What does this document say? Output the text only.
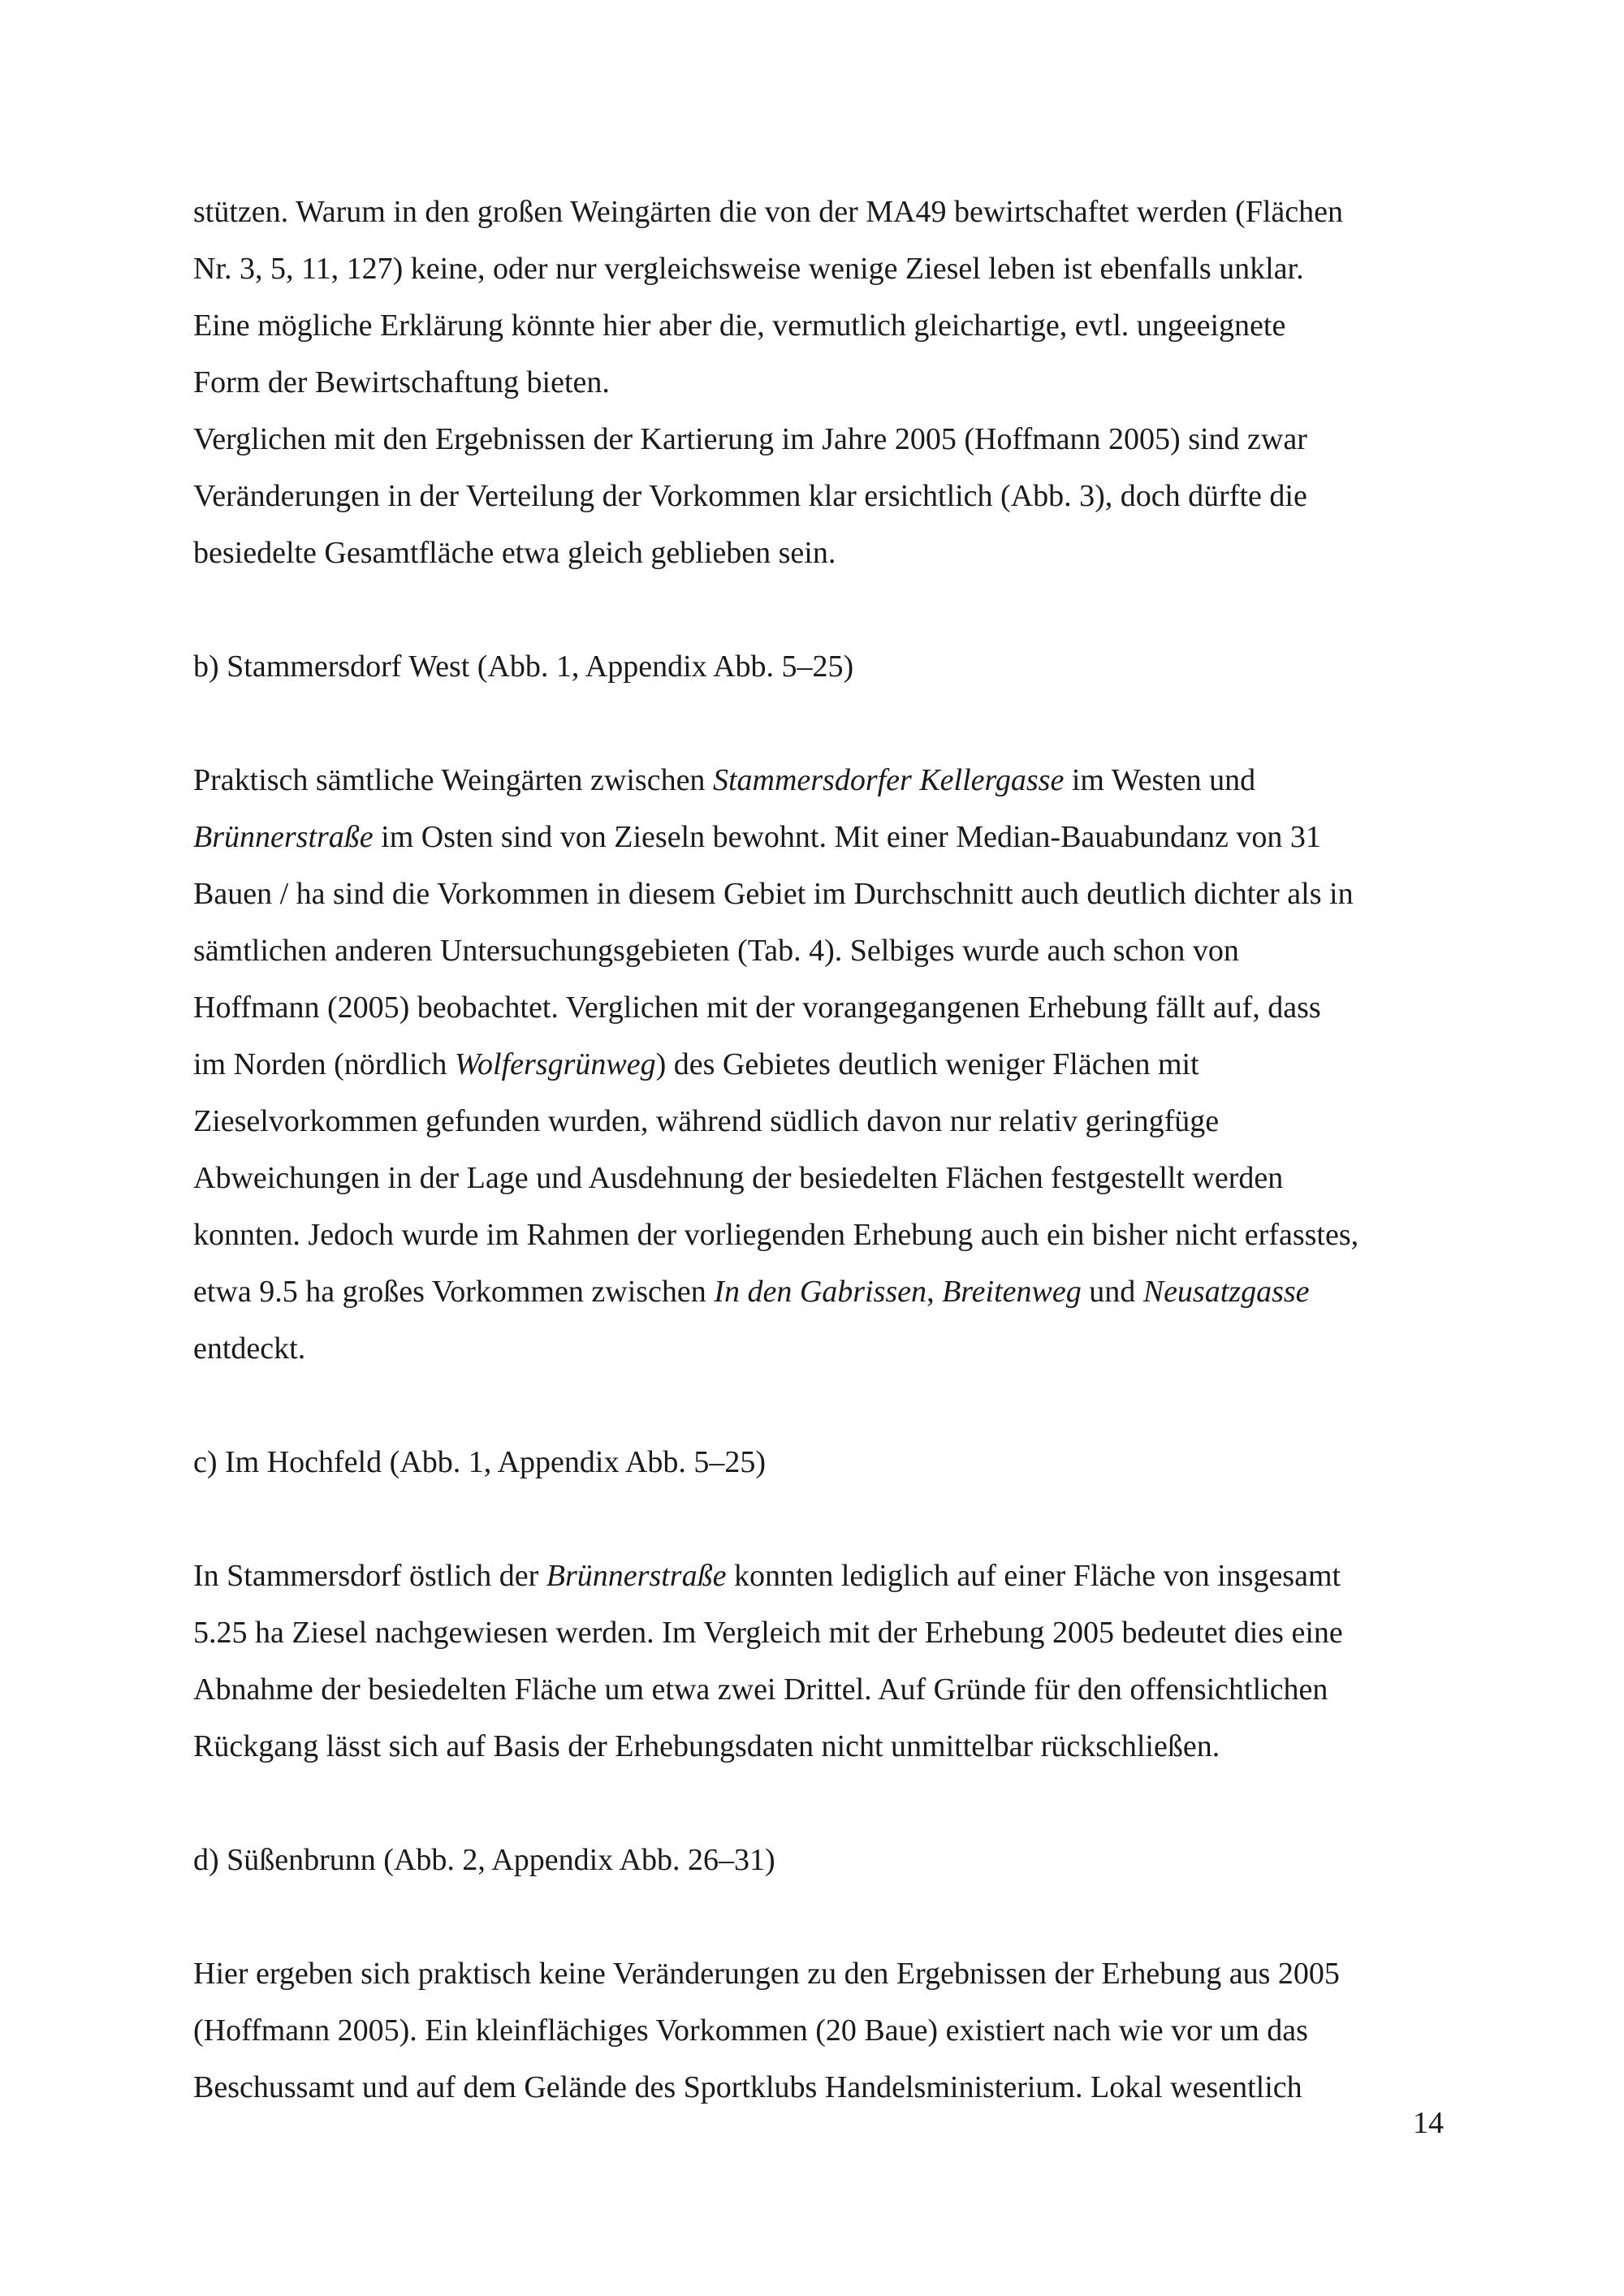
stützen. Warum in den großen Weingärten die von der MA49 bewirtschaftet werden (Flächen
Nr. 3, 5, 11, 127) keine, oder nur vergleichsweise wenige Ziesel leben ist ebenfalls unklar.
Eine mögliche Erklärung könnte hier aber die, vermutlich gleichartige, evtl. ungeeignete
Form der Bewirtschaftung bieten.
Verglichen mit den Ergebnissen der Kartierung im Jahre 2005 (Hoffmann 2005) sind zwar
Veränderungen in der Verteilung der Vorkommen klar ersichtlich (Abb. 3), doch dürfte die
besiedelte Gesamtfläche etwa gleich geblieben sein.
b) Stammersdorf West (Abb. 1, Appendix Abb. 5–25)
Praktisch sämtliche Weingärten zwischen Stammersdorfer Kellergasse im Westen und
Brünnerstraße im Osten sind von Zieseln bewohnt. Mit einer Median-Bauabundanz von 31
Bauen / ha sind die Vorkommen in diesem Gebiet im Durchschnitt auch deutlich dichter als in
sämtlichen anderen Untersuchungsgebieten (Tab. 4). Selbiges wurde auch schon von
Hoffmann (2005) beobachtet. Verglichen mit der vorangegangenen Erhebung fällt auf, dass
im Norden (nördlich Wolfersgrünweg) des Gebietes deutlich weniger Flächen mit
Zieselvorkommen gefunden wurden, während südlich davon nur relativ geringfüge
Abweichungen in der Lage und Ausdehnung der besiedelten Flächen festgestellt werden
konnten. Jedoch wurde im Rahmen der vorliegenden Erhebung auch ein bisher nicht erfasstes,
etwa 9.5 ha großes Vorkommen zwischen In den Gabrissen, Breitenweg und Neusatzgasse
entdeckt.
c) Im Hochfeld (Abb. 1, Appendix Abb. 5–25)
In Stammersdorf östlich der Brünnerstraße konnten lediglich auf einer Fläche von insgesamt
5.25 ha Ziesel nachgewiesen werden. Im Vergleich mit der Erhebung 2005 bedeutet dies eine
Abnahme der besiedelten Fläche um etwa zwei Drittel. Auf Gründe für den offensichtlichen
Rückgang lässt sich auf Basis der Erhebungsdaten nicht unmittelbar rückschließen.
d) Süßenbrunn (Abb. 2, Appendix Abb. 26–31)
Hier ergeben sich praktisch keine Veränderungen zu den Ergebnissen der Erhebung aus 2005
(Hoffmann 2005). Ein kleinflächiges Vorkommen (20 Baue) existiert nach wie vor um das
Beschussamt und auf dem Gelände des Sportklubs Handelsministerium. Lokal wesentlich
14
